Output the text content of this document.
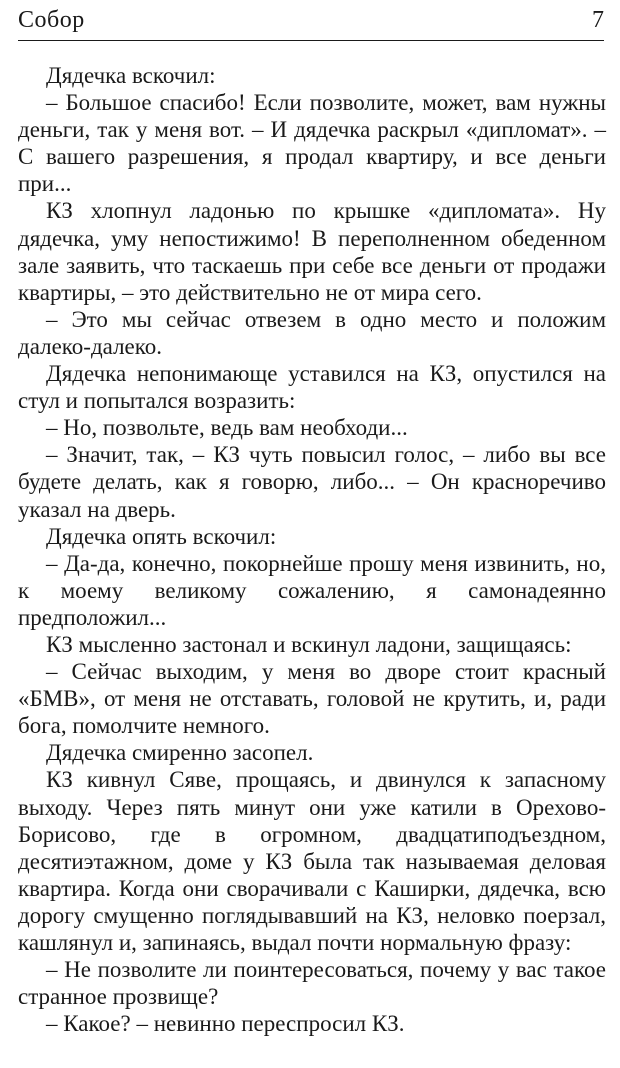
Собор	7

Дядечка вскочил:

– Большое спасибо! Если позволите, может, вам нужны деньги, так у меня вот. – И дядечка раскрыл «дипломат». – С вашего разрешения, я продал квартиру, и все деньги при...

КЗ хлопнул ладонью по крышке «дипломата». Ну дядечка, уму непостижимо! В переполненном обеденном зале заявить, что таскаешь при себе все деньги от продажи квартиры, – это действительно не от мира сего.

– Это мы сейчас отвезем в одно место и положим далеко-далеко.

Дядечка непонимающе уставился на КЗ, опустился на стул и попытался возразить:

– Но, позвольте, ведь вам необходи...

– Значит, так, – КЗ чуть повысил голос, – либо вы все будете делать, как я говорю, либо... – Он красноречиво указал на дверь.

Дядечка опять вскочил:

– Да-да, конечно, покорнейше прошу меня извинить, но, к моему великому сожалению, я самонадеянно предположил...

КЗ мысленно застонал и вскинул ладони, защищаясь:

– Сейчас выходим, у меня во дворе стоит красный «БМВ», от меня не отставать, головой не крутить, и, ради бога, помолчите немного.

Дядечка смиренно засопел.

КЗ кивнул Сяве, прощаясь, и двинулся к запасному выходу. Через пять минут они уже катили в Орехово-Борисово, где в огромном, двадцатиподъездном, десятиэтажном, доме у КЗ была так называемая деловая квартира. Когда они сворачивали с Каширки, дядечка, всю дорогу смущенно поглядывавший на КЗ, неловко поерзал, кашлянул и, запинаясь, выдал почти нормальную фразу:

– Не позволите ли поинтересоваться, почему у вас такое странное прозвище?

– Какое? – невинно переспросил КЗ.
